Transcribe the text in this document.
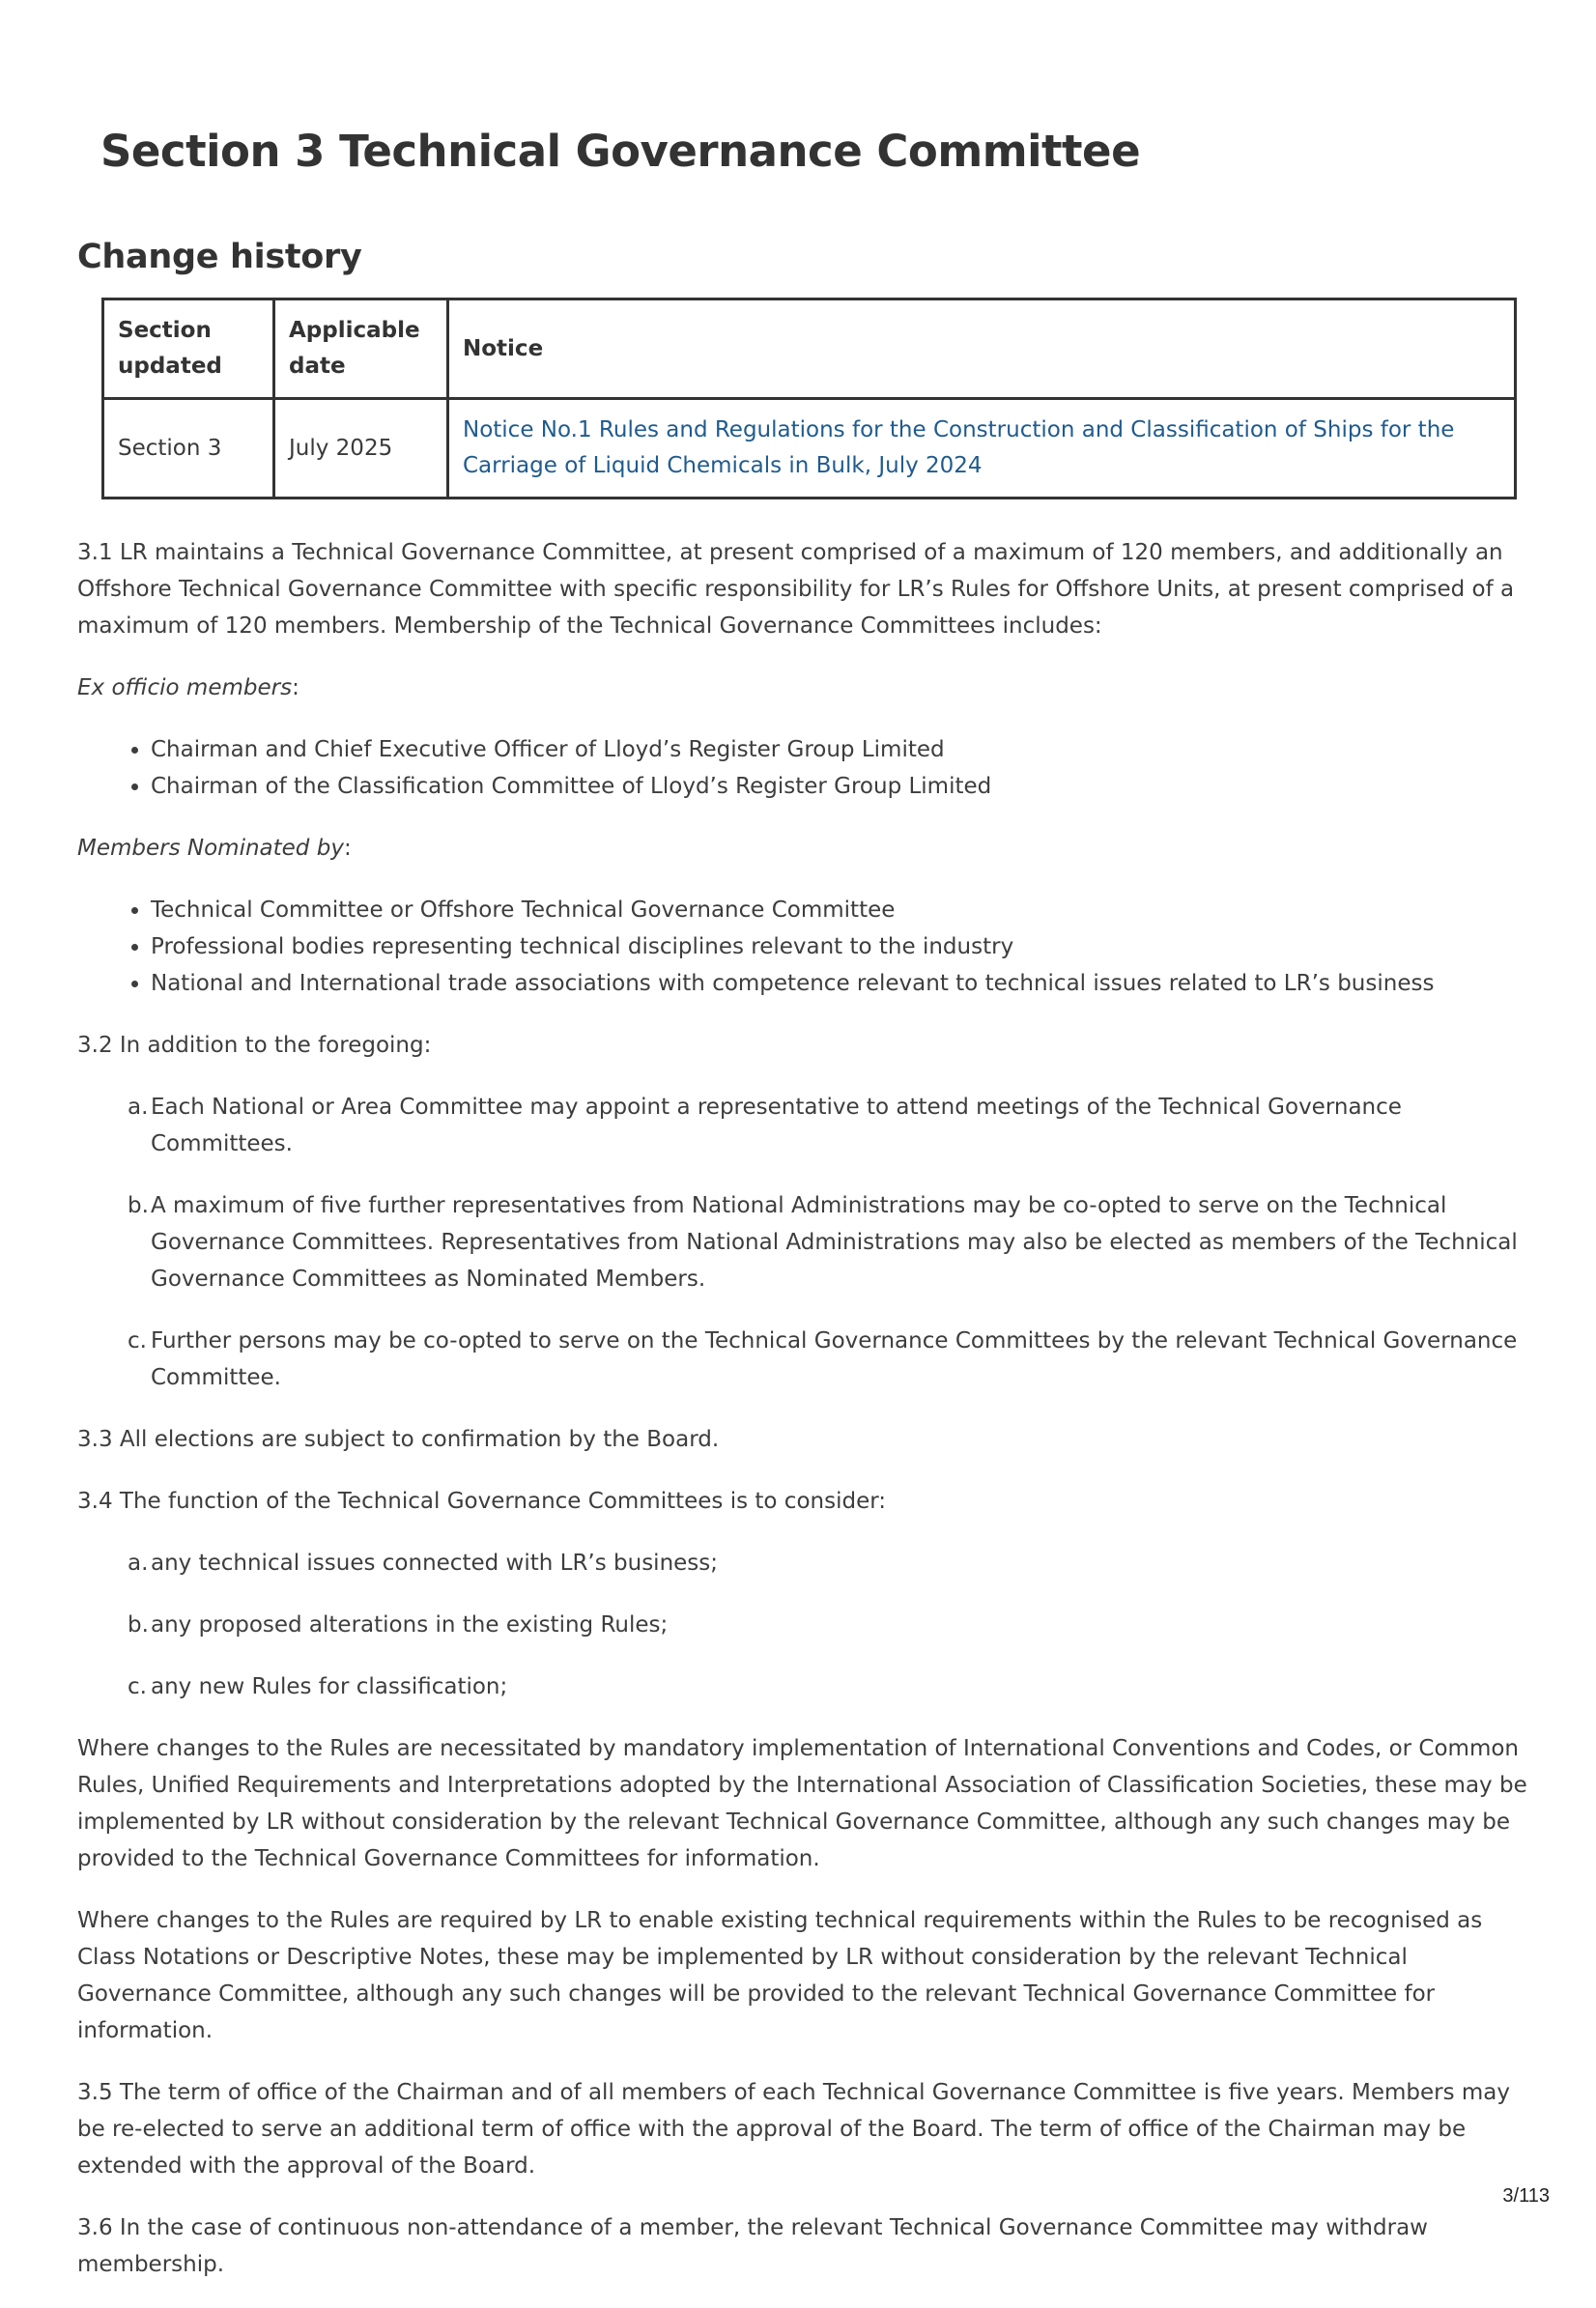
Section 3 Technical Governance Committee
Change history
Section updated	Applicable date	Notice
Section 3	July 2025	Notice No.1 Rules and Regulations for the Construction and Classification of Ships for the Carriage of Liquid Chemicals in Bulk, July 2024

3.1 LR maintains a Technical Governance Committee, at present comprised of a maximum of 120 members, and additionally an Offshore Technical Governance Committee with specific responsibility for LR’s Rules for Offshore Units, at present comprised of a maximum of 120 members. Membership of the Technical Governance Committees includes:

Ex officio members:

• Chairman and Chief Executive Officer of Lloyd’s Register Group Limited
• Chairman of the Classification Committee of Lloyd’s Register Group Limited

Members Nominated by:

• Technical Committee or Offshore Technical Governance Committee
• Professional bodies representing technical disciplines relevant to the industry
• National and International trade associations with competence relevant to technical issues related to LR’s business

3.2 In addition to the foregoing:

a. Each National or Area Committee may appoint a representative to attend meetings of the Technical Governance Committees.
b. A maximum of five further representatives from National Administrations may be co-opted to serve on the Technical Governance Committees. Representatives from National Administrations may also be elected as members of the Technical Governance Committees as Nominated Members.
c. Further persons may be co-opted to serve on the Technical Governance Committees by the relevant Technical Governance Committee.

3.3 All elections are subject to confirmation by the Board.

3.4 The function of the Technical Governance Committees is to consider:

a. any technical issues connected with LR’s business;
b. any proposed alterations in the existing Rules;
c. any new Rules for classification;

Where changes to the Rules are necessitated by mandatory implementation of International Conventions and Codes, or Common Rules, Unified Requirements and Interpretations adopted by the International Association of Classification Societies, these may be implemented by LR without consideration by the relevant Technical Governance Committee, although any such changes may be provided to the Technical Governance Committees for information.

Where changes to the Rules are required by LR to enable existing technical requirements within the Rules to be recognised as Class Notations or Descriptive Notes, these may be implemented by LR without consideration by the relevant Technical Governance Committee, although any such changes will be provided to the relevant Technical Governance Committee for information.

3.5 The term of office of the Chairman and of all members of each Technical Governance Committee is five years. Members may be re-elected to serve an additional term of office with the approval of the Board. The term of office of the Chairman may be extended with the approval of the Board.

3.6 In the case of continuous non-attendance of a member, the relevant Technical Governance Committee may withdraw membership.

3/113
